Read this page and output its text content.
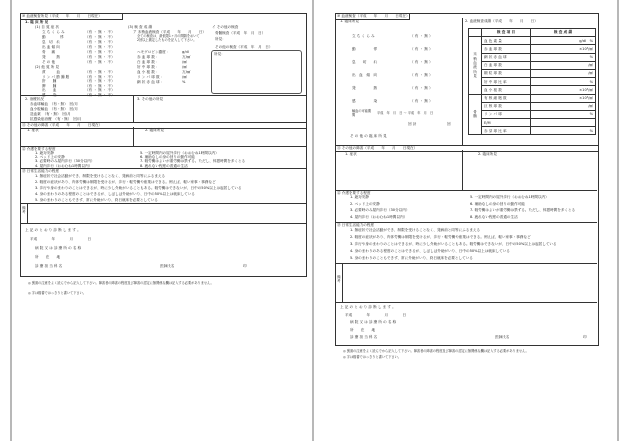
⑩ 血液検査所見（平成　　年　　月　　日現在）
1. 臨 床 所 見
(1) 自 覚 症 状
立 ち く ら み	（有 ・ 無 ・ 不）
動　　　　悸	（有 ・ 無 ・ 不）
息　切　れ	（有 ・ 無 ・ 不）
出 血 傾 向	（有 ・ 無 ・ 不）
骨 　 痛	（有 ・ 無 ・ 不）
発　　　熱	（有 ・ 無 ・ 不）
そ の 他	（有 ・ 無 ・ 不）
(2) 他 覚 所 見
貧　　　血	（有 ・ 無 ・ 不）
リ ン パ 節 腫 脹	（有 ・ 無 ・ 不）
肝　　腫	（有 ・ 無 ・ 不）
脾　　腫	（有 ・ 無 ・ 不）
出　　血	（有 ・ 無 ・ 不）
感　　染	（有 ・ 無 ・ 不）
(3) 検 査 成 績
ア 末梢血液検査（平成　　年　　月　　日）
全ての検査は、最低限1ヶ月の間隔をおいて2回以上測定したものを記入して下さい。
ヘモグロビン濃度 ：	g/dl
赤 血 球 数 ：	万/㎣
白 血 球 数 ：	/㎣
好 中 球 数 ：	/㎣
血 小 板 数 ：	万/㎣
リ ン パ 球 数 ：	/㎣
網 状 赤 血 球 ：	%
イ その他の検査
骨髄検査（平成　年　月　日）
所見：
その他の検査（平成　年　月　日）
所見：
2. 治療状況
赤血球輸血　（有・無）　回/月
血小板輸血　（有・無）　回/月
造血薬　（有・無）　回/月
抗感染症治療　（有・無）　回/月
3. その他の所見
⑪ その他の障害（平成　　年　　月　　日現在）
1. 症状	2. 臨床所見
⑫ 介護を要する程度
1. 絶対安静
2. ベッド上の安静
3. 必要時のみ屋内歩行（30分以内）
4. 屋内歩行（おおむね1時間以内）
5. 一定時間内の屋外歩行（おおむね1時間以内）
6. 補助なしの身の回りの動作可能
7. 軽労働はよいが重労働は禁ずる。ただし、休憩時間を多くとる
8. 疲れない程度の普通の生活
⑬ 日常生活能力の程度
1. 無症状で社会活動ができ、制限を受けることなく、発病前と同等にふるまえる
2. 軽度の症状があり、肉体労働は制限を受けるが、歩行・軽労働や座業はできる。例えば、軽い家事・事務など
3. 歩行や身のまわりのことはできるが、時に少し介助がいることもある。軽労働はできないが、日中の50%以上は起居している
4. 身のまわりのある程度のことはできるが、しばしば介助がいり、日中の50%以上は就床している
5. 身のまわりのこともできず、常に介助がいり、終日就床を必要としている
備考
上 記 の と お り 診 断 し ま す 。
平成　　　　年　　　　月　　　　日
病 院 又 は 診 療 所 の 名 称
所　　在　　地
診 療 担 当 科 名	医師氏名	印
◎ 裏面の注意をよく読んでから記入して下さい。障害者の障害の程度及び障害の認定に無関係な欄は記入する必要がありません。
◎ 字は楷書ではっきりと書いて下さい。
⑩ 血液検査（平成　　年　　月　　日現在）
1. 臨床所見
立 ち く ら み	（ 有 ・ 無 ）
動　　　　　悸	（ 有 ・ 無 ）
息　　切　　れ	（ 有 ・ 無 ）
出　血　傾　向	（ 有 ・ 無 ）
発　　　　　熱	（ 有 ・ 無 ）
感　　　　　染	（ 有 ・ 無 ）
輸血の可能期間	平成　年　月　日 〜 平成　年　月　日
回 計	回
そ の 他 の 臨 床 所 見
2. 血液検査成績（平成　　年　　月　　日）
	検 査 項 目	検 査 成 績
末 梢 血 液 所 見	血 色 素 量	g/dl　%
	赤 血 球 数	×10⁴/㎣
	網 状 赤 血 球	%
	白 血 球 数	/㎣
	顆 粒 球 数	/㎣
	好 中 球 比 率	%
	血 小 板 数	×10⁴/㎣
骨 髄	有 核 細 胞 数	×10⁴/㎣
	巨 核 球 数	/㎣
	リ ン パ 球	%
	E/M	
	赤 芽 球 比 率	%
⑪ その他の障害（平成　　年　　月　　日現在）
1. 症状	2. 臨床所見
⑫ 介護を要する程度
1. 絶対安静
2. ベッド上の安静
3. 必要時のみ屋内歩行（30分以内）
4. 屋内歩行（おおむね1時間以内）
5. 一定時間内の屋外歩行（おおむね1時間以内）
6. 補助なしの身の回りの動作可能
7. 軽労働はよいが重労働は禁ずる。ただし、休憩時間を多くとる
8. 疲れない程度の普通の生活
⑬ 日常生活能力の程度
1. 無症状で社会活動ができ、制限を受けることなく、発病前と同等にふるまえる
2. 軽度の症状があり、肉体労働は制限を受けるが、歩行・軽労働や座業はできる。例えば、軽い家事・事務など
3. 歩行や身のまわりのことはできるが、時に少し介助がいることもある。軽労働はできないが、日中の50%以上は起居している
4. 身のまわりのある程度のことはできるが、しばしば介助がいり、日中の50%以上は就床している
5. 身のまわりのこともできず、常に介助がいり、終日就床を必要としている
備考
上 記 の と お り 診 断 し ま す 。
平成　　　　年　　　　月　　　　日
病 院 又 は 診 療 所 の 名 称
所　　在　　地
診 療 担 当 科 名	医師氏名	印
◎ 裏面の注意をよく読んでから記入して下さい。障害者の障害の程度及び障害の認定に無関係な欄は記入する必要がありません。
◎ 字は楷書ではっきりと書いて下さい。
